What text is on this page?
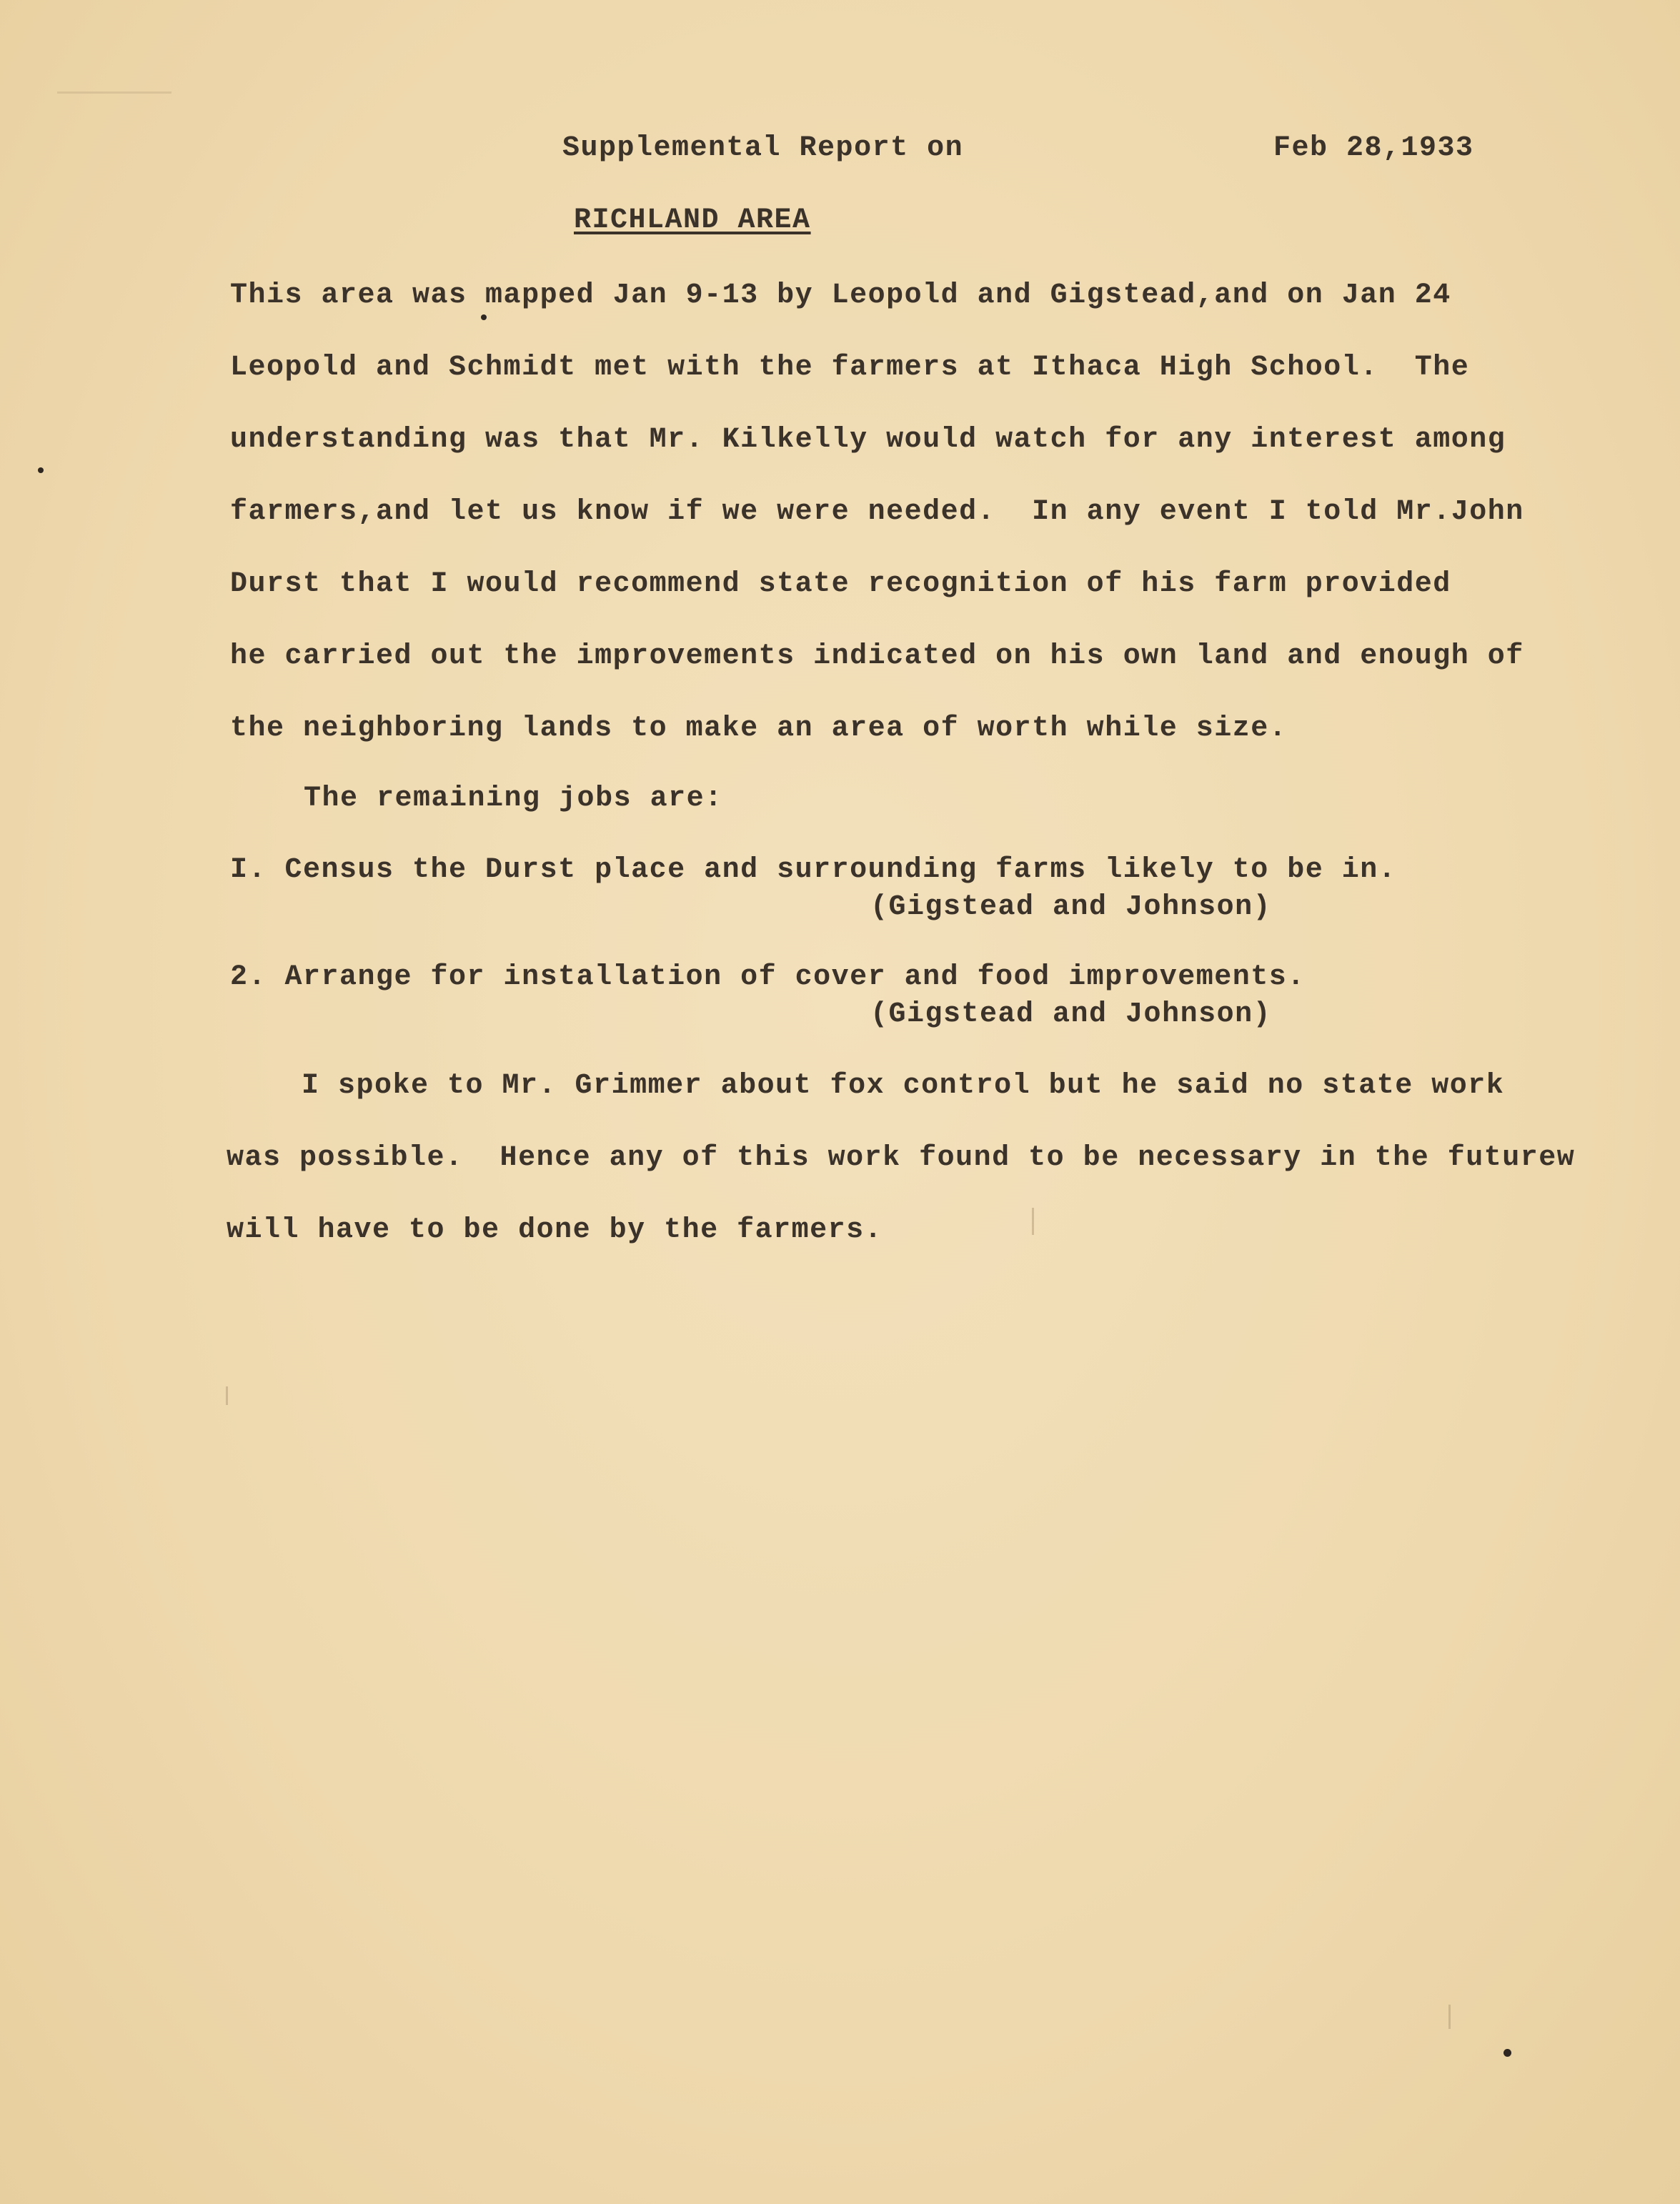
Supplemental Report on	Feb 28,1933

RICHLAND AREA

This area was mapped Jan 9-13 by Leopold and Gigstead,and on Jan 24

Leopold and Schmidt met with the farmers at Ithaca High School.  The

understanding was that Mr. Kilkelly would watch for any interest among

farmers,and let us know if we were needed.  In any event I told Mr.John

Durst that I would recommend state recognition of his farm provided

he carried out the improvements indicated on his own land and enough of

the neighboring lands to make an area of worth while size.

The remaining jobs are:

I. Census the Durst place and surrounding farms likely to be in.

(Gigstead and Johnson)

2. Arrange for installation of cover and food improvements.

(Gigstead and Johnson)

I spoke to Mr. Grimmer about fox control but he said no state work

was possible.  Hence any of this work found to be necessary in the futurew

will have to be done by the farmers.
